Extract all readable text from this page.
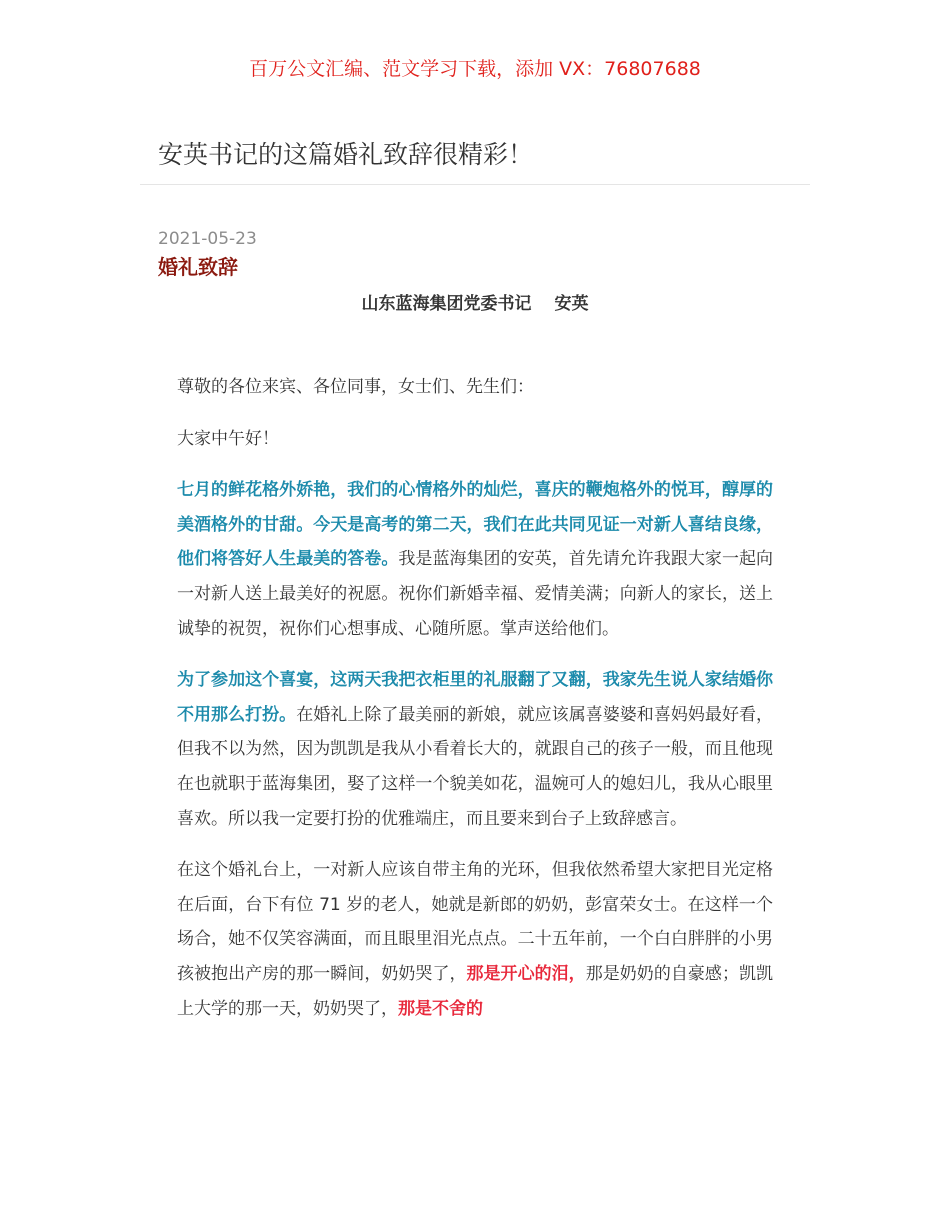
百万公文汇编、范文学习下载，添加 VX：76807688
安英书记的这篇婚礼致辞很精彩！
2021-05-23
婚礼致辞
山东蓝海集团党委书记　 安英

尊敬的各位来宾、各位同事，女士们、先生们：

大家中午好！

七月的鲜花格外娇艳，我们的心情格外的灿烂，喜庆的鞭炮格外的悦耳，醇厚的美酒格外的甘甜。今天是高考的第二天，我们在此共同见证一对新人喜结良缘，他们将答好人生最美的答卷。我是蓝海集团的安英，首先请允许我跟大家一起向一对新人送上最美好的祝愿。祝你们新婚幸福、爱情美满；向新人的家长，送上诚挚的祝贺，祝你们心想事成、心随所愿。掌声送给他们。

为了参加这个喜宴，这两天我把衣柜里的礼服翻了又翻，我家先生说人家结婚你不用那么打扮。在婚礼上除了最美丽的新娘，就应该属喜婆婆和喜妈妈最好看，但我不以为然，因为凯凯是我从小看着长大的，就跟自己的孩子一般，而且他现在也就职于蓝海集团，娶了这样一个貌美如花，温婉可人的媳妇儿，我从心眼里喜欢。所以我一定要打扮的优雅端庄，而且要来到台子上致辞感言。

在这个婚礼台上，一对新人应该自带主角的光环，但我依然希望大家把目光定格在后面，台下有位 71 岁的老人，她就是新郎的奶奶，彭富荣女士。在这样一个场合，她不仅笑容满面，而且眼里泪光点点。二十五年前，一个白白胖胖的小男孩被抱出产房的那一瞬间，奶奶哭了，那是开心的泪，那是奶奶的自豪感；凯凯上大学的那一天，奶奶哭了，那是不舍的
